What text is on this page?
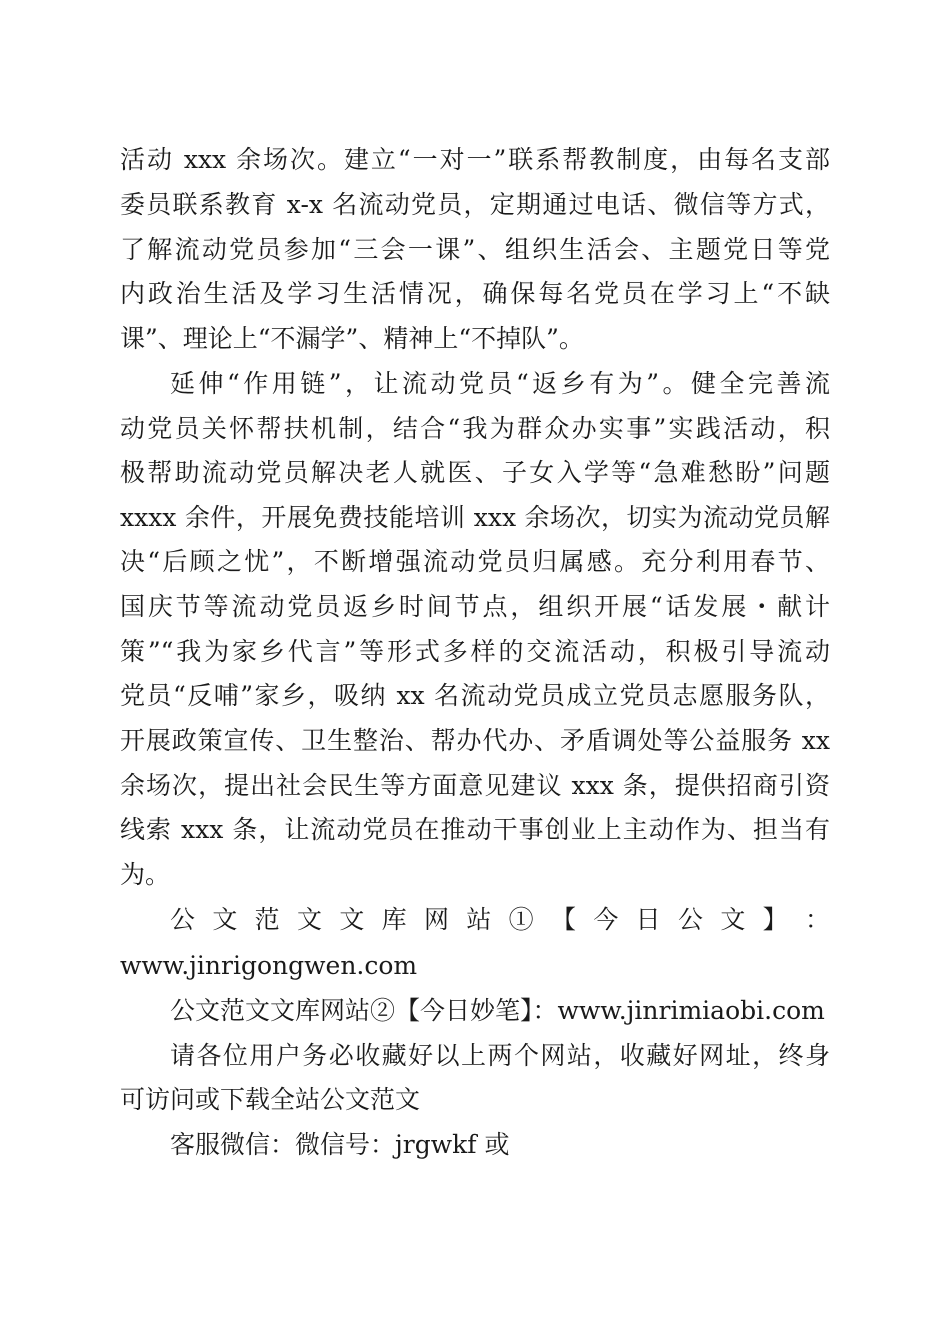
活动 xxx 余场次。建立“一对一”联系帮教制度，由每名支部
委员联系教育 x-x 名流动党员，定期通过电话、微信等方式，
了解流动党员参加“三会一课”、组织生活会、主题党日等党
内政治生活及学习生活情况，确保每名党员在学习上“不缺
课”、理论上“不漏学”、精神上“不掉队”。
延伸“作用链”，让流动党员“返乡有为”。健全完善流
动党员关怀帮扶机制，结合“我为群众办实事”实践活动，积
极帮助流动党员解决老人就医、子女入学等“急难愁盼”问题
xxxx 余件，开展免费技能培训 xxx 余场次，切实为流动党员解
决“后顾之忧”，不断增强流动党员归属感。充分利用春节、
国庆节等流动党员返乡时间节点，组织开展“话发展・献计
策”“我为家乡代言”等形式多样的交流活动，积极引导流动
党员“反哺”家乡，吸纳 xx 名流动党员成立党员志愿服务队，
开展政策宣传、卫生整治、帮办代办、矛盾调处等公益服务 xx
余场次，提出社会民生等方面意见建议 xxx 条，提供招商引资
线索 xxx 条，让流动党员在推动干事创业上主动作为、担当有
为。
公 文 范 文 文 库 网 站 ① 【 今 日 公 文 】 ：
www.jinrigongwen.com
公文范文文库网站②【今日妙笔】：www.jinrimiaobi.com
请各位用户务必收藏好以上两个网站，收藏好网址，终身
可访问或下载全站公文范文
客服微信：微信号：jrgwkf 或
